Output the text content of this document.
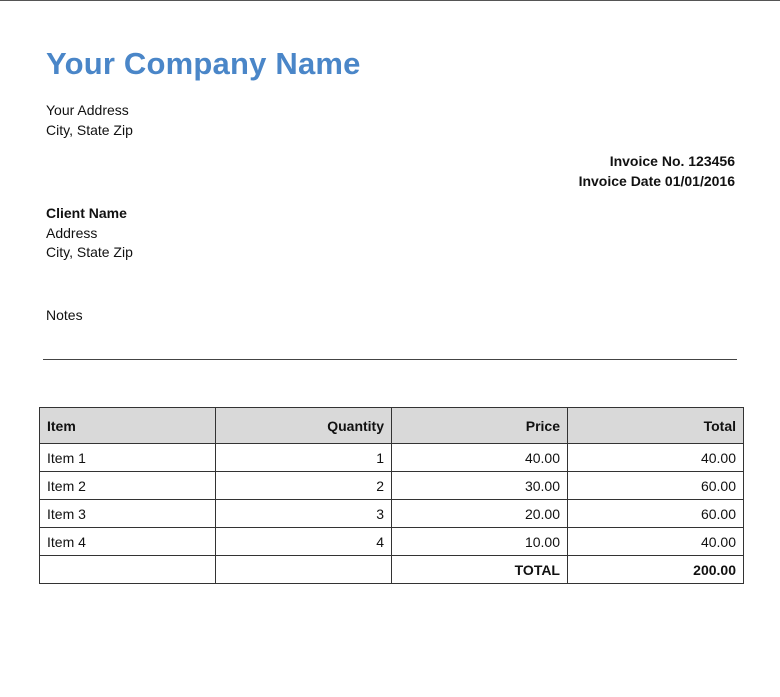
Your Company Name
Your Address
City, State Zip
Invoice No. 123456
Invoice Date 01/01/2016
Client Name
Address
City, State Zip
Notes
Item	Quantity	Price	Total
Item 1	1	40.00	40.00
Item 2	2	30.00	60.00
Item 3	3	20.00	60.00
Item 4	4	10.00	40.00
		TOTAL	200.00
